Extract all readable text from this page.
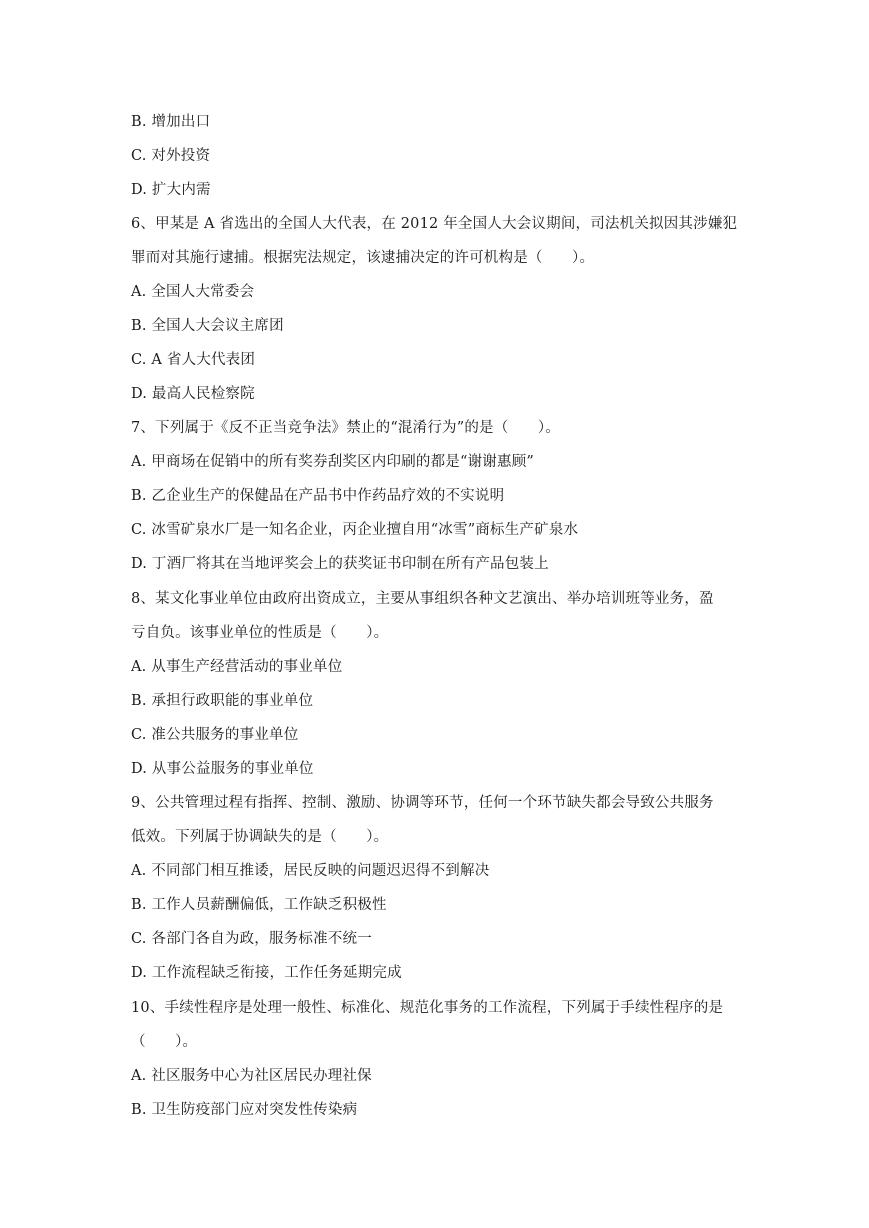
B. 增加出口
C. 对外投资
D. 扩大内需
6、甲某是 A 省选出的全国人大代表，在 2012 年全国人大会议期间，司法机关拟因其涉嫌犯
罪而对其施行逮捕。根据宪法规定，该逮捕决定的许可机构是（　　）。
A. 全国人大常委会
B. 全国人大会议主席团
C. A 省人大代表团
D. 最高人民检察院
7、下列属于《反不正当竞争法》禁止的“混淆行为”的是（　　）。
A. 甲商场在促销中的所有奖券刮奖区内印刷的都是“谢谢惠顾”
B. 乙企业生产的保健品在产品书中作药品疗效的不实说明
C. 冰雪矿泉水厂是一知名企业，丙企业擅自用“冰雪”商标生产矿泉水
D. 丁酒厂将其在当地评奖会上的获奖证书印制在所有产品包装上
8、某文化事业单位由政府出资成立，主要从事组织各种文艺演出、举办培训班等业务，盈
亏自负。该事业单位的性质是（　　）。
A. 从事生产经营活动的事业单位
B. 承担行政职能的事业单位
C. 准公共服务的事业单位
D. 从事公益服务的事业单位
9、公共管理过程有指挥、控制、激励、协调等环节，任何一个环节缺失都会导致公共服务
低效。下列属于协调缺失的是（　　）。
A. 不同部门相互推诿，居民反映的问题迟迟得不到解决
B. 工作人员薪酬偏低，工作缺乏积极性
C. 各部门各自为政，服务标准不统一
D. 工作流程缺乏衔接，工作任务延期完成
10、手续性程序是处理一般性、标准化、规范化事务的工作流程，下列属于手续性程序的是
（　　）。
A. 社区服务中心为社区居民办理社保
B. 卫生防疫部门应对突发性传染病
